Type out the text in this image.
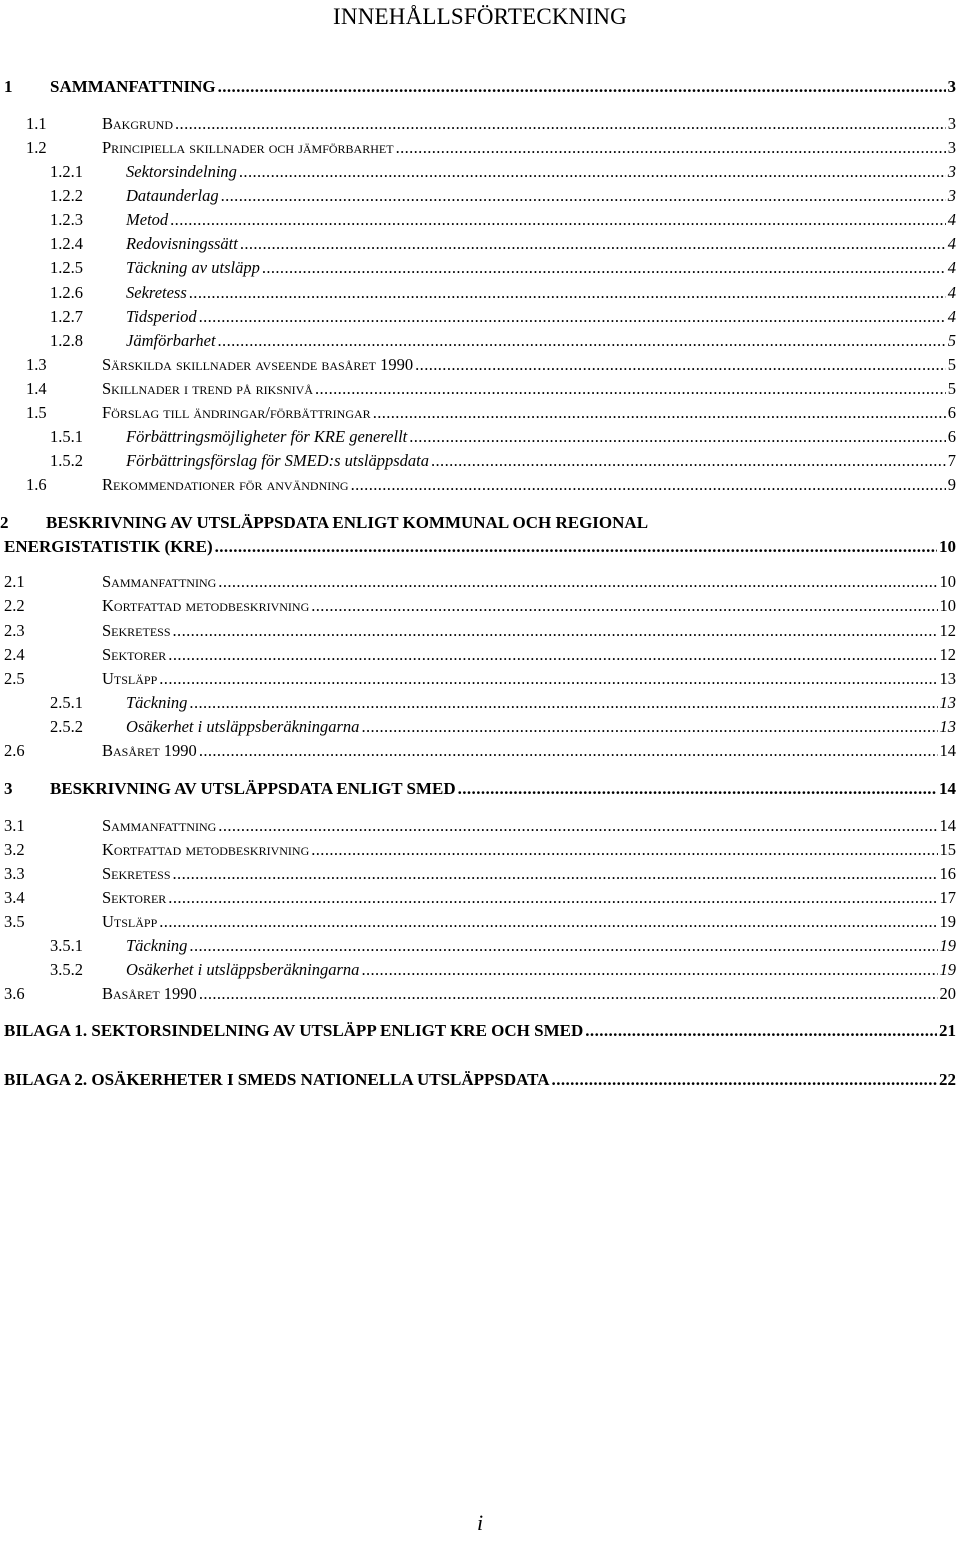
INNEHÅLLSFÖRTECKNING
1	SAMMANFATTNING .....	3
1.1	Bakgrund .....	3
1.2	Principiella skillnader och jämförbarhet .....	3
1.2.1	Sektorsindelning .....	3
1.2.2	Dataunderlag .....	3
1.2.3	Metod .....	4
1.2.4	Redovisningssätt .....	4
1.2.5	Täckning av utsläpp .....	4
1.2.6	Sekretess .....	4
1.2.7	Tidsperiod .....	4
1.2.8	Jämförbarhet .....	5
1.3	Särskilda skillnader avseende basåret 1990 .....	5
1.4	Skillnader i trend på riksnivå .....	5
1.5	Förslag till ändringar/förbättringar .....	6
1.5.1	Förbättringsmöjligheter för KRE generellt .....	6
1.5.2	Förbättringsförslag för SMED:s utsläppsdata .....	7
1.6	Rekommendationer för användning .....	9
2 BESKRIVNING AV UTSLÄPPSDATA ENLIGT KOMMUNAL OCH REGIONAL
ENERGISTATISTIK (KRE) .....	10
2.1	Sammanfattning .....	10
2.2	Kortfattad metodbeskrivning .....	10
2.3	Sekretess .....	12
2.4	Sektorer .....	12
2.5	Utsläpp .....	13
2.5.1	Täckning .....	13
2.5.2	Osäkerhet i utsläppsberäkningarna .....	13
2.6	Basåret 1990 .....	14
3	BESKRIVNING AV UTSLÄPPSDATA ENLIGT SMED .....	14
3.1	Sammanfattning .....	14
3.2	Kortfattad metodbeskrivning .....	15
3.3	Sekretess .....	16
3.4	Sektorer .....	17
3.5	Utsläpp .....	19
3.5.1	Täckning .....	19
3.5.2	Osäkerhet i utsläppsberäkningarna .....	19
3.6	Basåret 1990 .....	20
BILAGA 1. SEKTORSINDELNING AV UTSLÄPP ENLIGT KRE OCH SMED .....	21
BILAGA 2. OSÄKERHETER I SMEDS NATIONELLA UTSLÄPPSDATA .....	22
i
